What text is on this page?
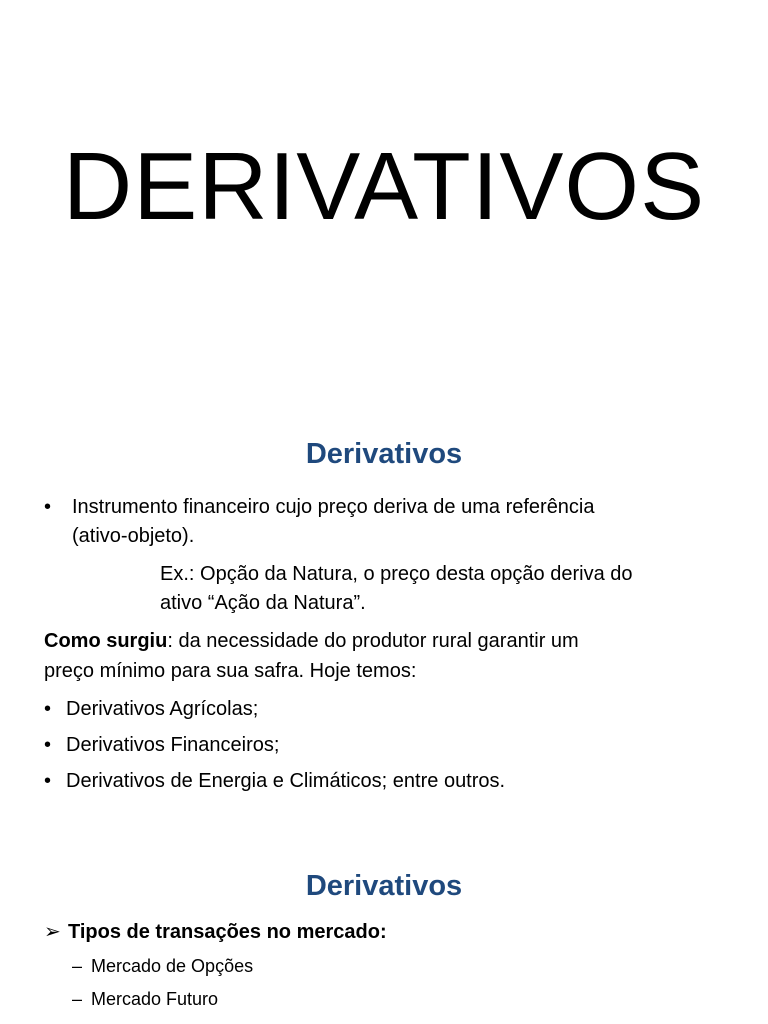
DERIVATIVOS
Derivativos
• Instrumento financeiro cujo preço deriva de uma referência
(ativo-objeto).
Ex.: Opção da Natura, o preço desta opção deriva do
ativo “Ação da Natura”.
Como surgiu: da necessidade do produtor rural garantir um
preço mínimo para sua safra. Hoje temos:
• Derivativos Agrícolas;
• Derivativos Financeiros;
• Derivativos de Energia e Climáticos; entre outros.
Derivativos
➢ Tipos de transações no mercado:
– Mercado de Opções
– Mercado Futuro
